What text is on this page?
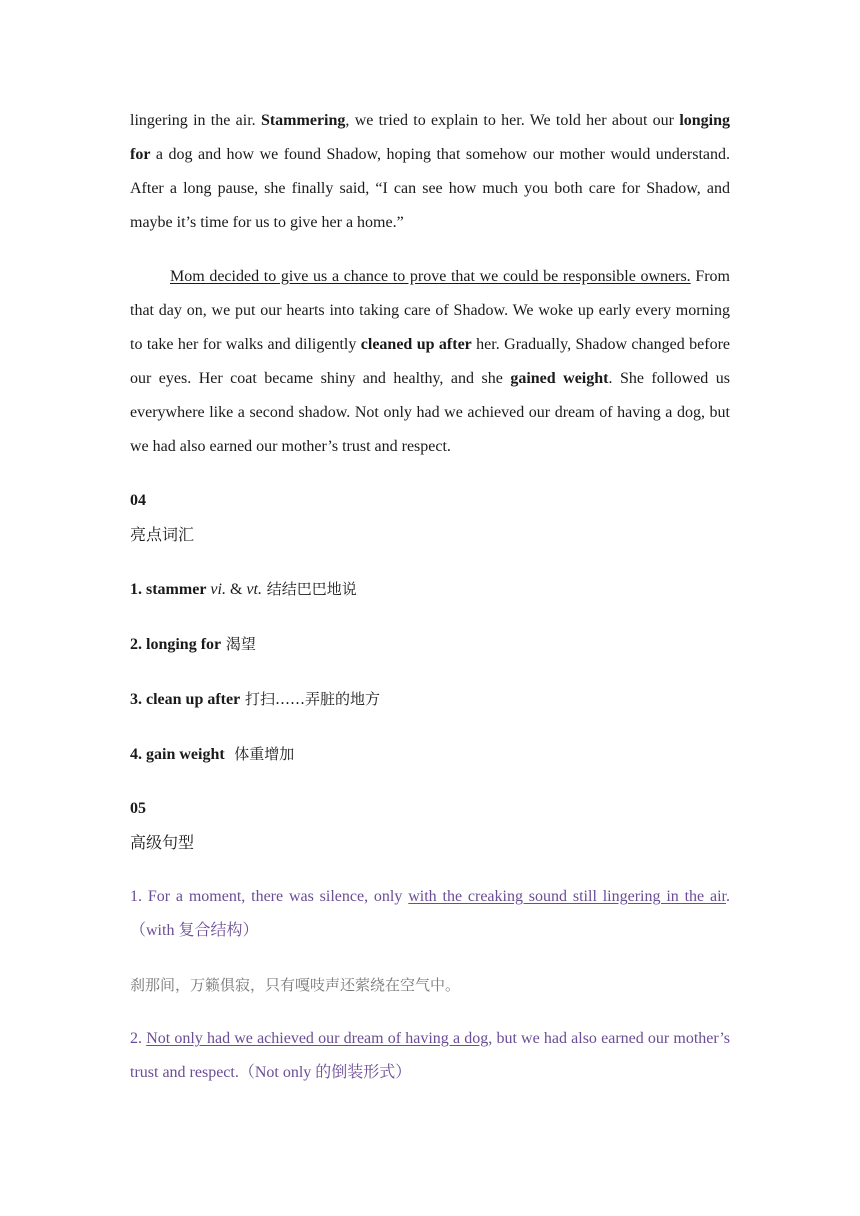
lingering in the air. Stammering, we tried to explain to her. We told her about our longing for a dog and how we found Shadow, hoping that somehow our mother would understand. After a long pause, she finally said, “I can see how much you both care for Shadow, and maybe it’s time for us to give her a home.”

Mom decided to give us a chance to prove that we could be responsible owners. From that day on, we put our hearts into taking care of Shadow. We woke up early every morning to take her for walks and diligently cleaned up after her. Gradually, Shadow changed before our eyes. Her coat became shiny and healthy, and she gained weight. She followed us everywhere like a second shadow. Not only had we achieved our dream of having a dog, but we had also earned our mother’s trust and respect.

04

亮点词汇

1. stammer vi. & vt. 结结巴巴地说

2. longing for 渴望

3. clean up after 打扫……弄脏的地方

4. gain weight  体重增加

05

高级句型

1. For a moment, there was silence, only with the creaking sound still lingering in the air.（with 复合结构）

刹那间，万籁俱寂，只有嘎吱声还萦绕在空气中。

2. Not only had we achieved our dream of having a dog, but we had also earned our mother’s trust and respect.（Not only 的倒装形式）
